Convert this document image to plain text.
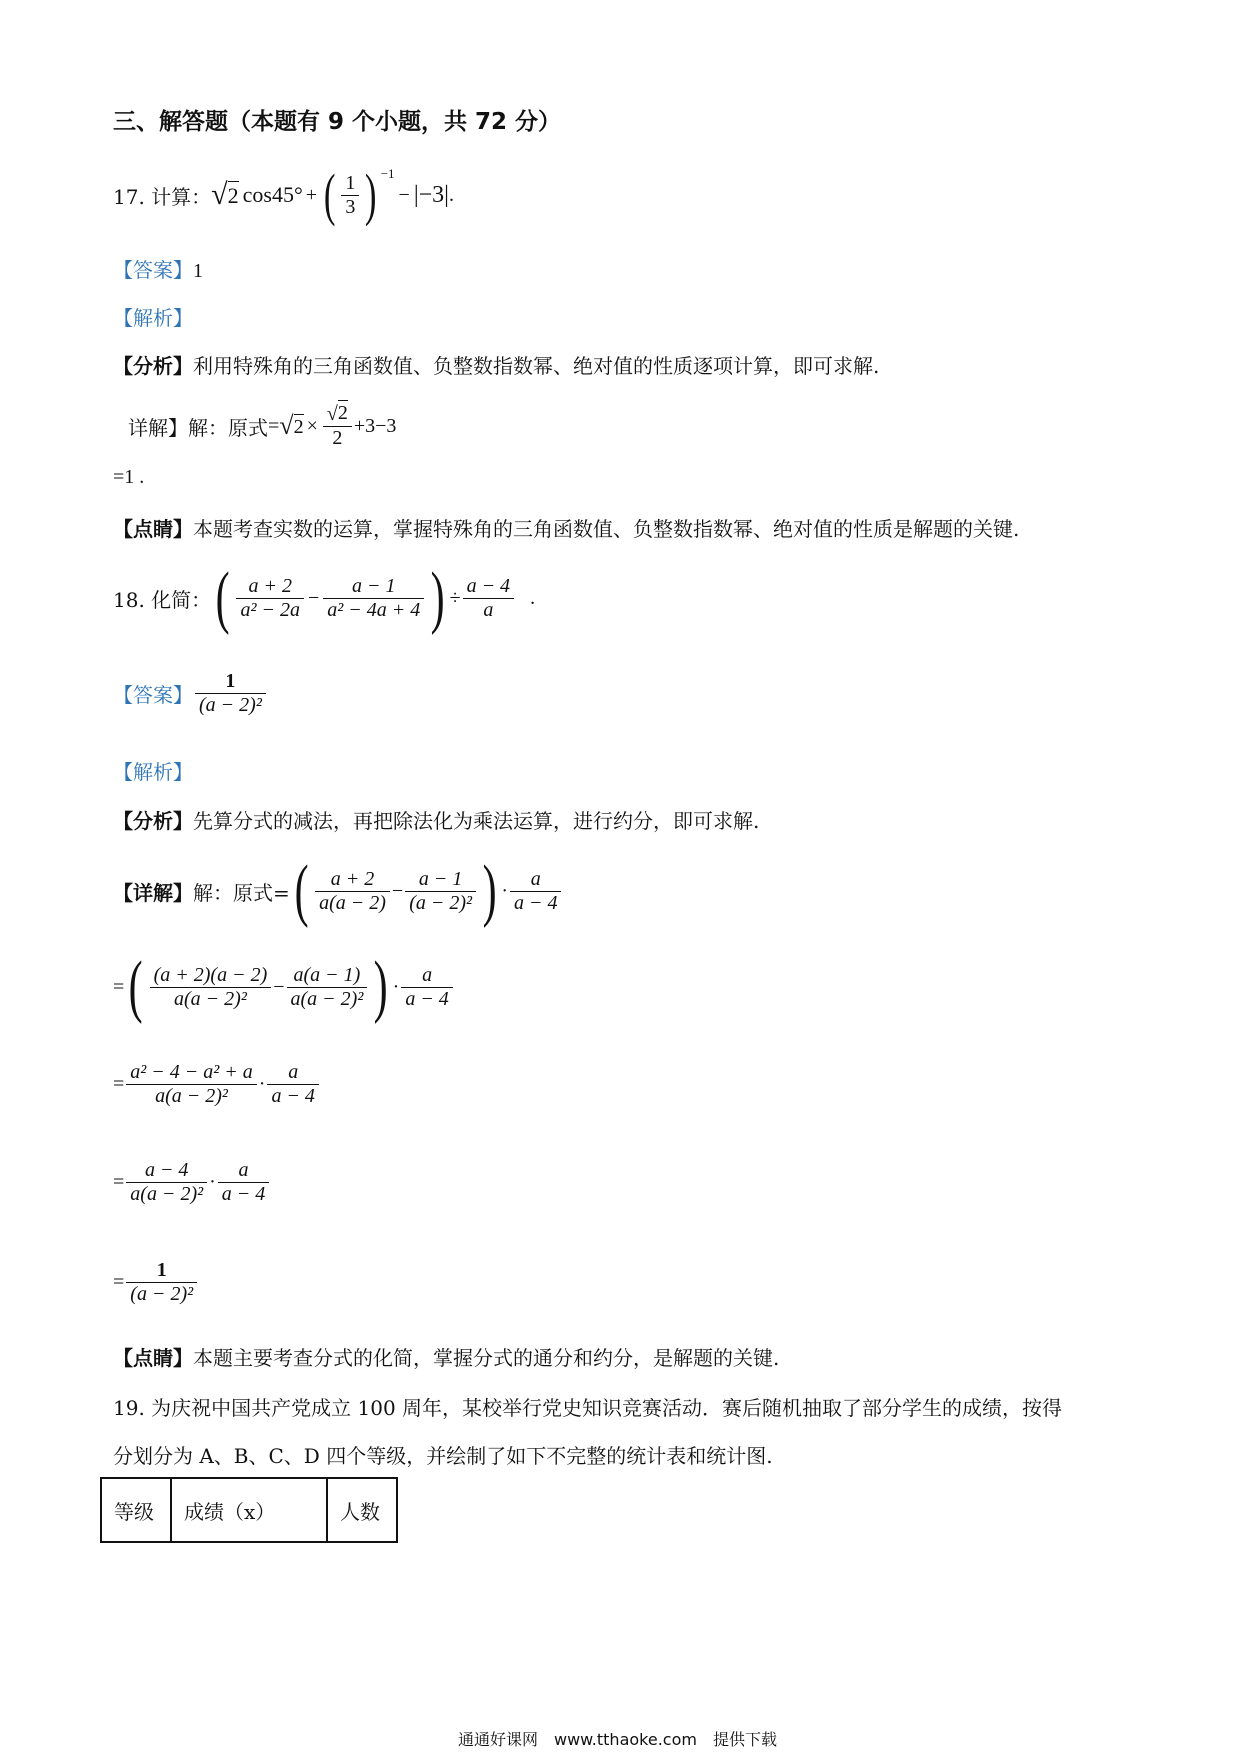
三、解答题（本题有 9 个小题，共 72 分）
17. 计算： √ 2 cos45° + ( $\frac{1}{3}$ ) −1
− |−3| .
【答案】1
【解析】
【分析】利用特殊角的三角函数值、负整数指数幂、绝对值的性质逐项计算，即可求解.
详解】解：原式 = √ $2 \times \frac{√2}{2} +3-3$
=1 .
【点睛】本题考查实数的运算，掌握特殊角的三角函数值、负整数指数幂、绝对值的性质是解题的关键.
18. 化简： ( $\frac{a + 2}{\text{a² − 2a}} - \frac{a - 1}{\text{a² − 4a + 4}}$ ) ÷ $\frac{a - 4}{a}$ .
【答案】 $\frac{1}{\text{(a − 2)²}}$
【解析】
【分析】先算分式的减法，再把除法化为乘法运算，进行约分，即可求解.
【详解】 解：原式= ( $\frac{a + 2}{a(a - 2)} - \frac{a - 1}{\text{(a − 2)²}}$ ) · $\frac{a}{a - 4}$
= ( $\frac{(a + 2)(a - 2)}{\text{a(a − 2)²}} - \frac{a(a - 1)}{\text{a(a − 2)²}}$ ) · $\frac{a}{a - 4}$
= $\frac{\text{a² − 4 − a² + a}}{\text{a(a − 2)²}} \cdot \frac{a}{a - 4}$
= $\frac{a - 4}{\text{a(a − 2)²}} \cdot \frac{a}{a - 4}$
= $\frac{1}{\text{(a − 2)²}}$
【点睛】本题主要考查分式的化简，掌握分式的通分和约分，是解题的关键.
19. 为庆祝中国共产党成立 100 周年，某校举行党史知识竞赛活动．赛后随机抽取了部分学生的成绩，按得
分划分为 A、B、C、D 四个等级，并绘制了如下不完整的统计表和统计图.
等级	成绩（x）	人数
通通好课网　www.tthaoke.com　提供下载
